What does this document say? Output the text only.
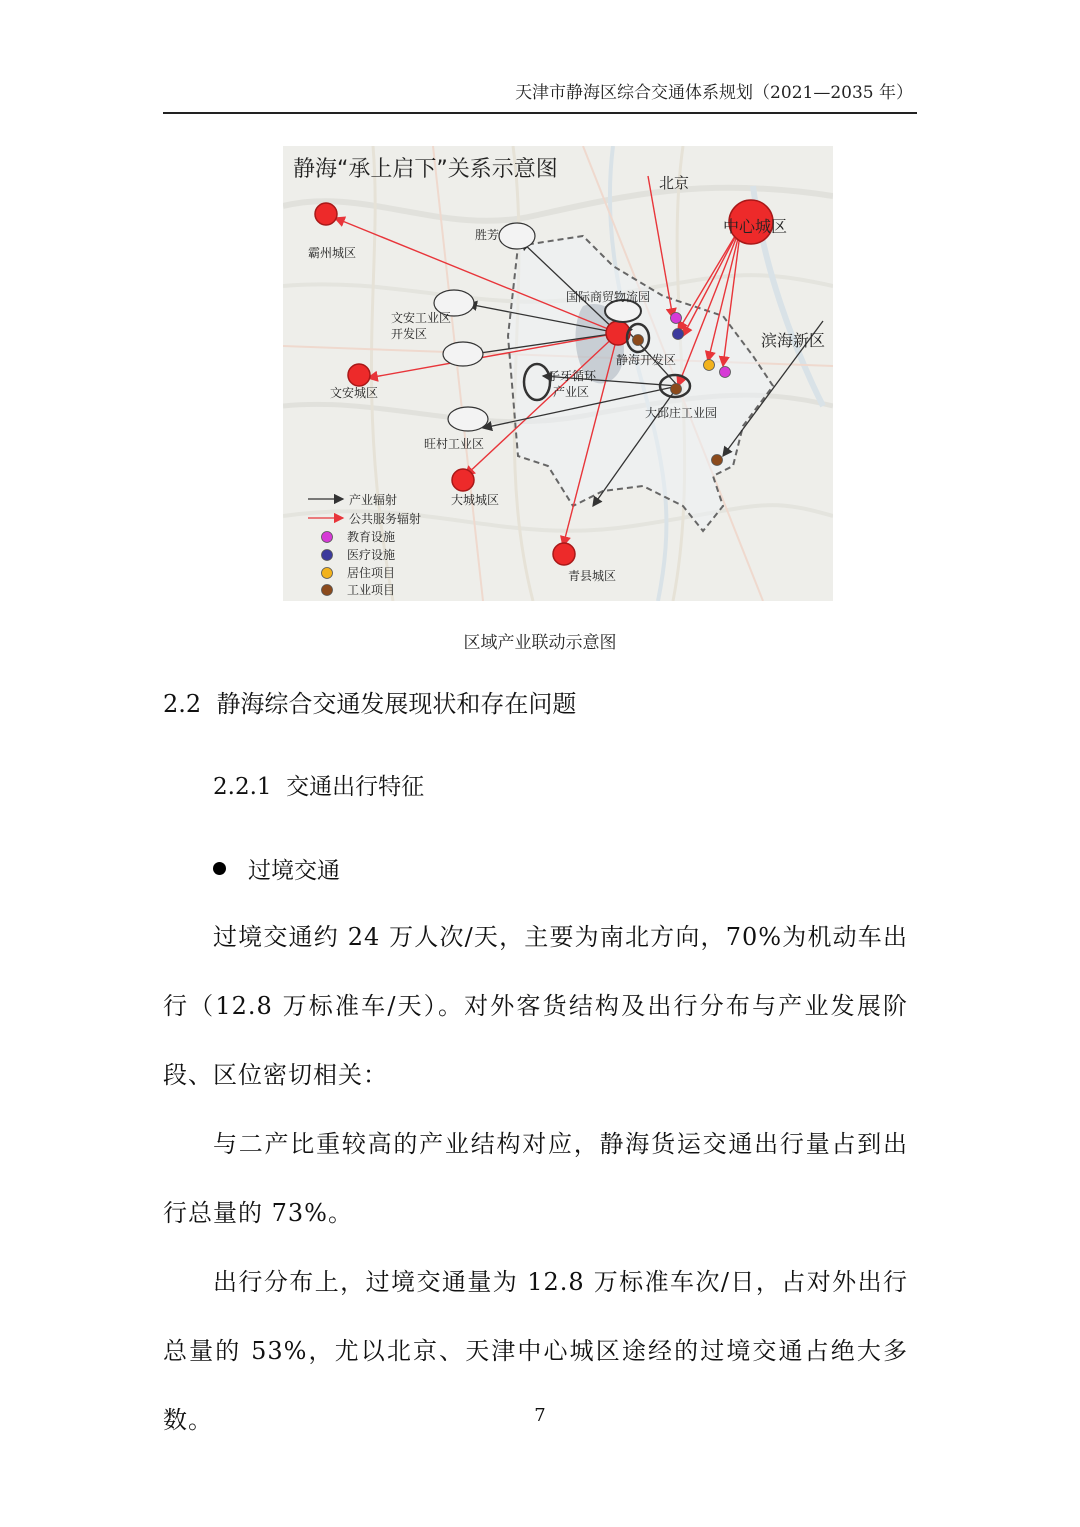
天津市静海区综合交通体系规划（2021—2035 年）
静海“承上启下”关系示意图
北京
中心城区
霸州城区
胜芳
国际商贸物流园
文安工业区
开发区
静海开发区
滨海新区
文安城区
子牙循环
产业区
大邱庄工业园
旺村工业区
大城城区
青县城区
产业辐射
公共服务辐射
教育设施
医疗设施
居住项目
工业项目
区域产业联动示意图
2.2 静海综合交通发展现状和存在问题
2.2.1 交通出行特征
过境交通

过境交通约 24 万人次/天，主要为南北方向，70%为机动车出行（12.8 万标准车/天）。对外客货结构及出行分布与产业发展阶段、区位密切相关：

与二产比重较高的产业结构对应，静海货运交通出行量占到出行总量的 73%。

出行分布上，过境交通量为 12.8 万标准车次/日，占对外出行总量的 53%，尤以北京、天津中心城区途经的过境交通占绝大多数。	7
